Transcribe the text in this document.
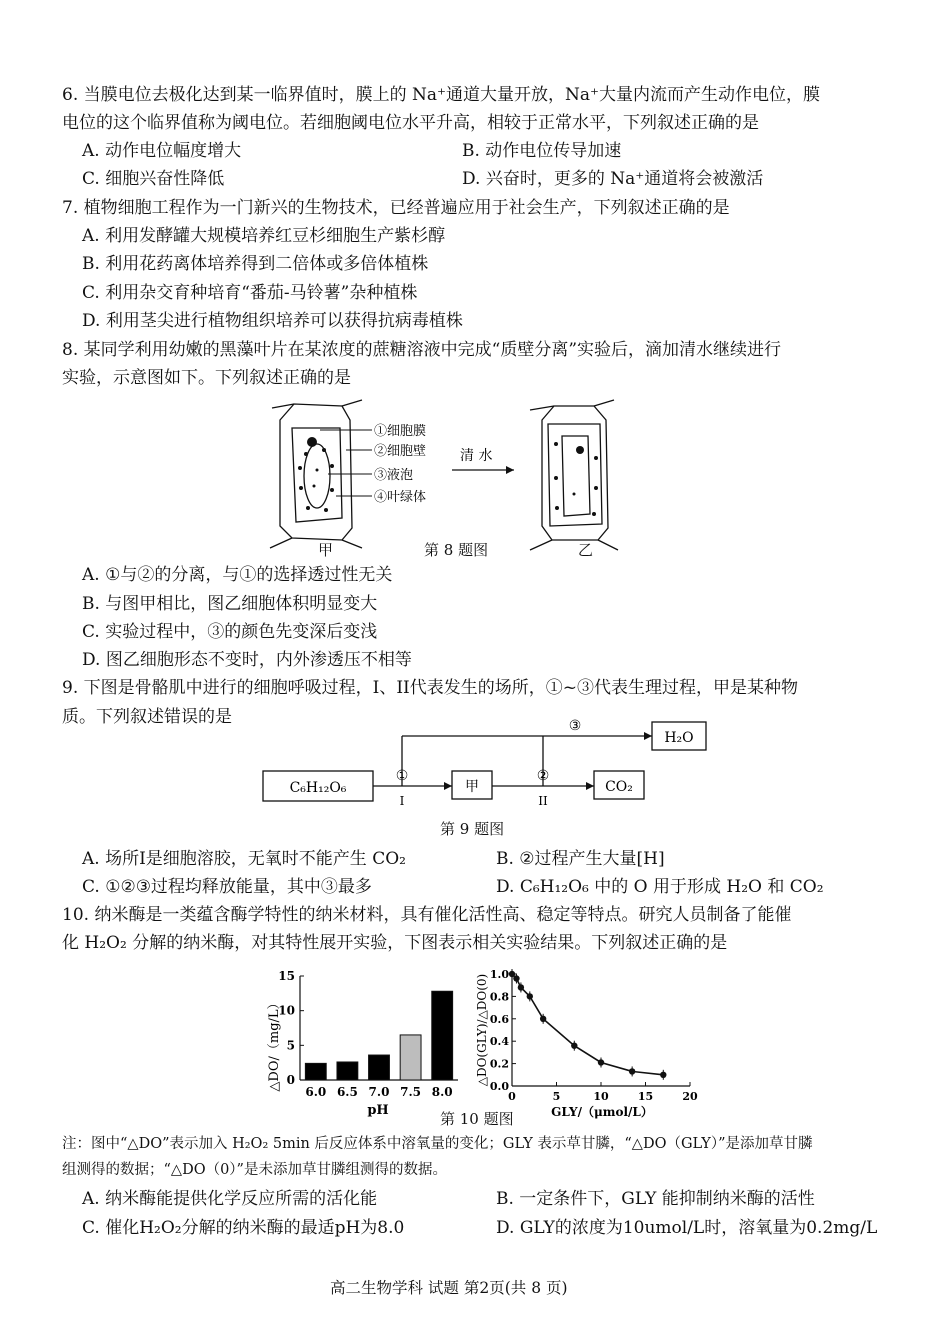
6. 当膜电位去极化达到某一临界值时，膜上的 Na⁺通道大量开放，Na⁺大量内流而产生动作电位，膜
电位的这个临界值称为阈电位。若细胞阈电位水平升高，相较于正常水平，下列叙述正确的是
A. 动作电位幅度增大	B. 动作电位传导加速
C. 细胞兴奋性降低	D. 兴奋时，更多的 Na⁺通道将会被激活
7. 植物细胞工程作为一门新兴的生物技术，已经普遍应用于社会生产，下列叙述正确的是
A. 利用发酵罐大规模培养红豆杉细胞生产紫杉醇
B. 利用花药离体培养得到二倍体或多倍体植株
C. 利用杂交育种培育“番茄-马铃薯”杂种植株
D. 利用茎尖进行植物组织培养可以获得抗病毒植株
8. 某同学利用幼嫩的黑藻叶片在某浓度的蔗糖溶液中完成“质壁分离”实验后，滴加清水继续进行
实验，示意图如下。下列叙述正确的是
①细胞膜
②细胞壁
③液泡
④叶绿体
清 水
甲	第 8 题图	乙
A. ①与②的分离，与①的选择透过性无关
B. 与图甲相比，图乙细胞体积明显变大
C. 实验过程中，③的颜色先变深后变浅
D. 图乙细胞形态不变时，内外渗透压不相等
9. 下图是骨骼肌中进行的细胞呼吸过程，I、II代表发生的场所，①~③代表生理过程，甲是某种物
质。下列叙述错误的是
C₆H₁₂O₆	甲	CO₂
H₂O
①	②
③
I	II
第 9 题图
A. 场所I是细胞溶胶，无氧时不能产生 CO₂	B. ②过程产生大量[H]
C. ①②③过程均释放能量，其中③最多	D. C₆H₁₂O₆ 中的 O 用于形成 H₂O 和 CO₂
10. 纳米酶是一类蕴含酶学特性的纳米材料，具有催化活性高、稳定等特点。研究人员制备了能催
化 H₂O₂ 分解的纳米酶，对其特性展开实验，下图表示相关实验结果。下列叙述正确的是
△DO/（mg/L）
pH
0
5
10
15
6.0 6.5 7.0 7.5 8.0
△DO(GLY)/△DO(0)
GLY/（μmol/L）
0.0
0.2
0.4
0.6
0.8
1.0
0	5	10	15	20
第 10 题图
注：图中“△DO”表示加入 H₂O₂ 5min 后反应体系中溶氧量的变化；GLY 表示草甘膦，“△DO（GLY）”是添加草甘膦
组测得的数据；“△DO（0）”是未添加草甘膦组测得的数据。
A. 纳米酶能提供化学反应所需的活化能	B. 一定条件下，GLY 能抑制纳米酶的活性
C. 催化H₂O₂分解的纳米酶的最适pH为8.0	D. GLY的浓度为10umol/L时，溶氧量为0.2mg/L
高二生物学科 试题 第2页(共 8 页)
